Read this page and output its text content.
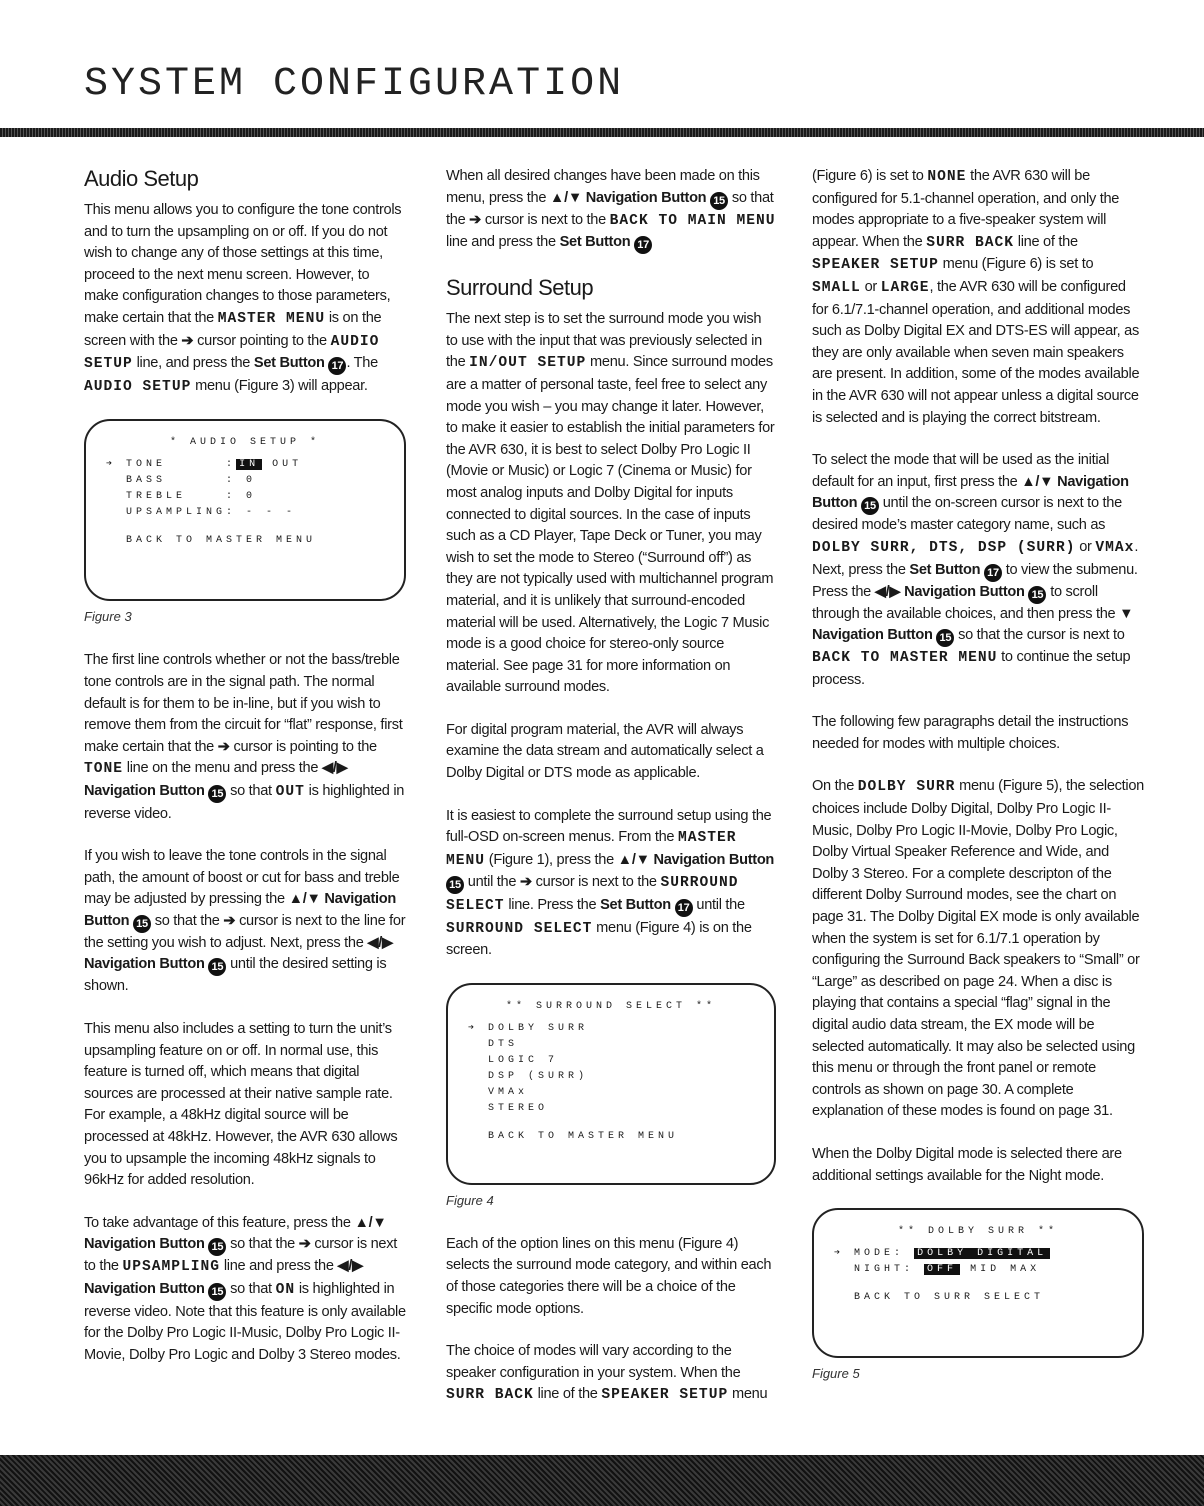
SYSTEM CONFIGURATION
Audio Setup

This menu allows you to configure the tone controls and to turn the upsampling on or off. If you do not wish to change any of those settings at this time, proceed to the next menu screen. However, to make configuration changes to those parameters, make certain that the MASTER MENU is on the screen with the ➔ cursor pointing to the AUDIO SETUP line, and press the Set Button 17 . The AUDIO SETUP menu (Figure 3) will appear.

* AUDIO SETUP *
➔ TONE      : IN OUT
BASS      : 0
TREBLE    : 0
UPSAMPLING: - - -
BACK TO MASTER MENU
Figure 3

The first line controls whether or not the bass/treble tone controls are in the signal path. The normal default is for them to be in-line, but if you wish to remove them from the circuit for “flat” response, first make certain that the ➔ cursor is pointing to the TONE line on the menu and press the ◀/▶ Navigation Button 15 so that OUT is highlighted in reverse video.

If you wish to leave the tone controls in the signal path, the amount of boost or cut for bass and treble may be adjusted by pressing the ▲/▼ Navigation Button 15 so that the ➔ cursor is next to the line for the setting you wish to adjust. Next, press the ◀/▶ Navigation Button 15 until the desired setting is shown.

This menu also includes a setting to turn the unit’s upsampling feature on or off. In normal use, this feature is turned off, which means that digital sources are processed at their native sample rate. For example, a 48kHz digital source will be processed at 48kHz. However, the AVR 630 allows you to upsample the incoming 48kHz signals to 96kHz for added resolution.

To take advantage of this feature, press the ▲/▼ Navigation Button 15 so that the ➔ cursor is next to the UPSAMPLING line and press the ◀/▶ Navigation Button 15 so that ON is highlighted in reverse video. Note that this feature is only available for the Dolby Pro Logic II-Music, Dolby Pro Logic II-Movie, Dolby Pro Logic and Dolby 3 Stereo modes.

When all desired changes have been made on this menu, press the ▲/▼ Navigation Button 15 so that the ➔ cursor is next to the BACK TO MAIN MENU line and press the Set Button 17

Surround Setup

The next step is to set the surround mode you wish to use with the input that was previously selected in the IN/OUT SETUP menu. Since surround modes are a matter of personal taste, feel free to select any mode you wish – you may change it later. However, to make it easier to establish the initial parameters for the AVR 630, it is best to select Dolby Pro Logic II (Movie or Music) or Logic 7 (Cinema or Music) for most analog inputs and Dolby Digital for inputs connected to digital sources. In the case of inputs such as a CD Player, Tape Deck or Tuner, you may wish to set the mode to Stereo (“Surround off”) as they are not typically used with multichannel program material, and it is unlikely that surround-encoded material will be used. Alternatively, the Logic 7 Music mode is a good choice for stereo-only source material. See page 31 for more information on available surround modes.

For digital program material, the AVR will always examine the data stream and automatically select a Dolby Digital or DTS mode as applicable.

It is easiest to complete the surround setup using the full-OSD on-screen menus. From the MASTER MENU (Figure 1), press the ▲/▼ Navigation Button 15 until the ➔ cursor is next to the SURROUND SELECT line. Press the Set Button 17 until the SURROUND SELECT menu (Figure 4) is on the screen.

** SURROUND SELECT **
➔ DOLBY SURR
DTS
LOGIC 7
DSP (SURR)
VMAx
STEREO
BACK TO MASTER MENU
Figure 4

Each of the option lines on this menu (Figure 4) selects the surround mode category, and within each of those categories there will be a choice of the specific mode options.

The choice of modes will vary according to the speaker configuration in your system. When the SURR BACK line of the SPEAKER SETUP menu

(Figure 6) is set to NONE the AVR 630 will be configured for 5.1-channel operation, and only the modes appropriate to a five-speaker system will appear. When the SURR BACK line of the SPEAKER SETUP menu (Figure 6) is set to SMALL or LARGE, the AVR 630 will be configured for 6.1/7.1-channel operation, and additional modes such as Dolby Digital EX and DTS-ES will appear, as they are only available when seven main speakers are present. In addition, some of the modes available in the AVR 630 will not appear unless a digital source is selected and is playing the correct bitstream.

To select the mode that will be used as the initial default for an input, first press the ▲/▼ Navigation Button 15 until the on-screen cursor is next to the desired mode’s master category name, such as DOLBY SURR, DTS, DSP (SURR) or VMAx. Next, press the Set Button 17 to view the submenu. Press the ◀/▶ Navigation Button 15 to scroll through the available choices, and then press the ▼ Navigation Button 15 so that the cursor is next to BACK TO MASTER MENU to continue the setup process.

The following few paragraphs detail the instructions needed for modes with multiple choices.

On the DOLBY SURR menu (Figure 5), the selection choices include Dolby Digital, Dolby Pro Logic II-Music, Dolby Pro Logic II-Movie, Dolby Pro Logic, Dolby Virtual Speaker Reference and Wide, and Dolby 3 Stereo. For a complete descripton of the different Dolby Surround modes, see the chart on page 31. The Dolby Digital EX mode is only available when the system is set for 6.1/7.1 operation by configuring the Surround Back speakers to “Small” or “Large” as described on page 24. When a disc is playing that contains a special “flag” signal in the digital audio data stream, the EX mode will be selected automatically. It may also be selected using this menu or through the front panel or remote controls as shown on page 30. A complete explanation of these modes is found on page 31.

When the Dolby Digital mode is selected there are additional settings available for the Night mode.

** DOLBY SURR **
➔ MODE: DOLBY DIGITAL
NIGHT: OFF MID MAX
BACK TO SURR SELECT
Figure 5
